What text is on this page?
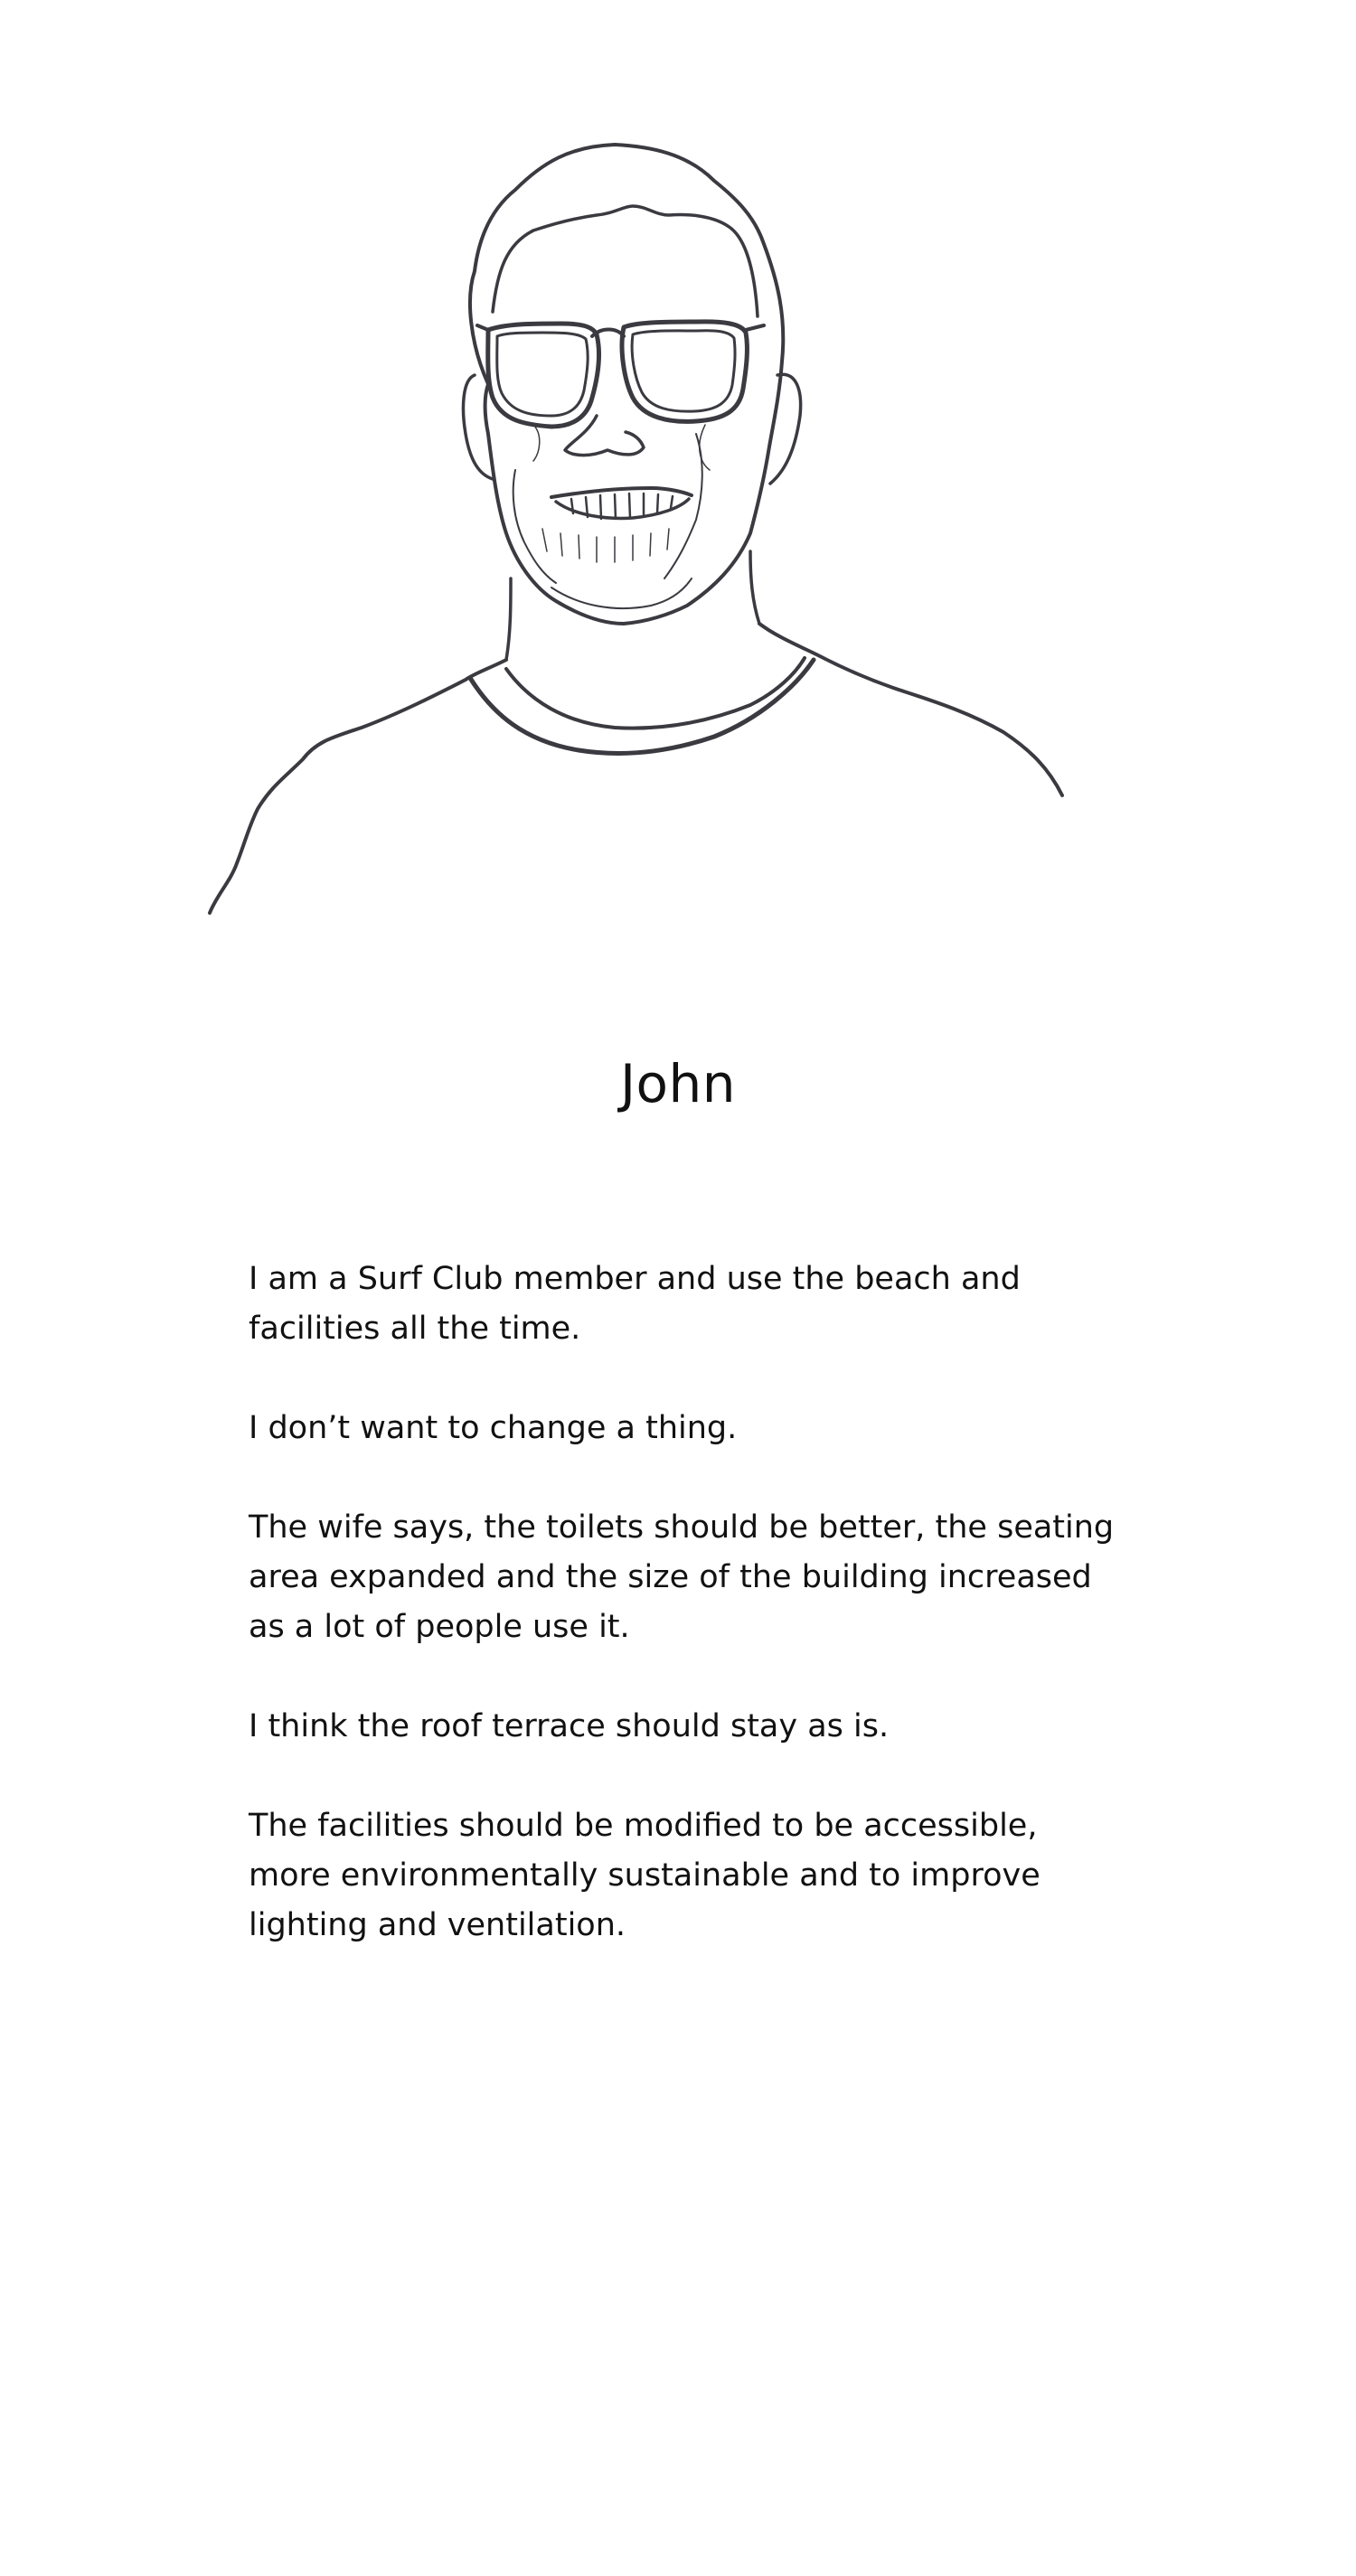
John

I am a Surf Club member and use the beach and facilities all the time.

I don’t want to change a thing.

The wife says, the toilets should be better, the seating area expanded and the size of the building increased as a lot of people use it.

I think the roof terrace should stay as is.

The facilities should be modified to be accessible, more environmentally sustainable and to improve lighting and ventilation.
